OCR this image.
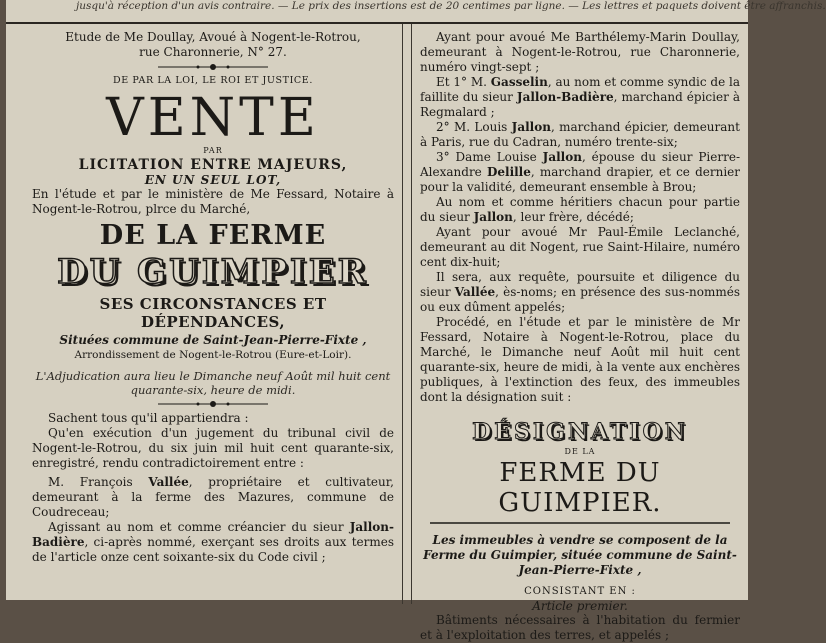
jusqu'à réception d'un avis contraire. — Le prix des insertions est de 20 centimes par ligne. — Les lettres et paquets doivent être affranchis.
Etude de Me Doullay, Avoué à Nogent-le-Rotrou,
rue Charonnerie, N° 27.
DE PAR LA LOI, LE ROI ET JUSTICE.
VENTE
PAR
LICITATION ENTRE MAJEURS,
EN UN SEUL LOT,
En l'étude et par le ministère de Me Fessard, Notaire à Nogent-le-Rotrou, plrce du Marché,
DE LA FERME
DU GUIMPIER
SES CIRCONSTANCES ET DÉPENDANCES,
Situées commune de Saint-Jean-Pierre-Fixte ,
Arrondissement de Nogent-le-Rotrou (Eure-et-Loir).
L'Adjudication aura lieu le Dimanche neuf Août mil huit cent quarante-six, heure de midi.
Sachent tous qu'il appartiendra :
Qu'en exécution d'un jugement du tribunal civil de Nogent-le-Rotrou, du six juin mil huit cent quarante-six, enregistré, rendu contradictoirement entre :
M. François Vallée, propriétaire et cultivateur, demeurant à la ferme des Mazures, commune de Coudreceau;
Agissant au nom et comme créancier du sieur Jallon-Badière, ci-après nommé, exerçant ses droits aux termes de l'article onze cent soixante-six du Code civil ;
Ayant pour avoué Me Barthélemy-Marin Doullay, demeurant à Nogent-le-Rotrou, rue Charonnerie, numéro vingt-sept ;
Et 1° M. Gasselin, au nom et comme syndic de la faillite du sieur Jallon-Badière, marchand épicier à Regmalard ;
2° M. Louis Jallon, marchand épicier, demeurant à Paris, rue du Cadran, numéro trente-six;
3° Dame Louise Jallon, épouse du sieur Pierre-Alexandre Delille, marchand drapier, et ce dernier pour la validité, demeurant ensemble à Brou;
Au nom et comme héritiers chacun pour partie du sieur Jallon, leur frère, décédé;
Ayant pour avoué Mr Paul-Émile Leclanché, demeurant au dit Nogent, rue Saint-Hilaire, numéro cent dix-huit;
Il sera, aux requête, poursuite et diligence du sieur Vallée, ès-noms; en présence des sus-nommés ou eux dûment appelés;
Procédé, en l'étude et par le ministère de Mr Fessard, Notaire à Nogent-le-Rotrou, place du Marché, le Dimanche neuf Août mil huit cent quarante-six, heure de midi, à la vente aux enchères publiques, à l'extinction des feux, des immeubles dont la désignation suit :
DÉSIGNATION
DE LA
FERME DU GUIMPIER.
Les immeubles à vendre se composent de la Ferme du Guimpier, située commune de Saint-Jean-Pierre-Fixte ,
CONSISTANT EN :
Article premier.
Bâtiments nécessaires à l'habitation du fermier et à l'exploitation des terres, et appelés ;
